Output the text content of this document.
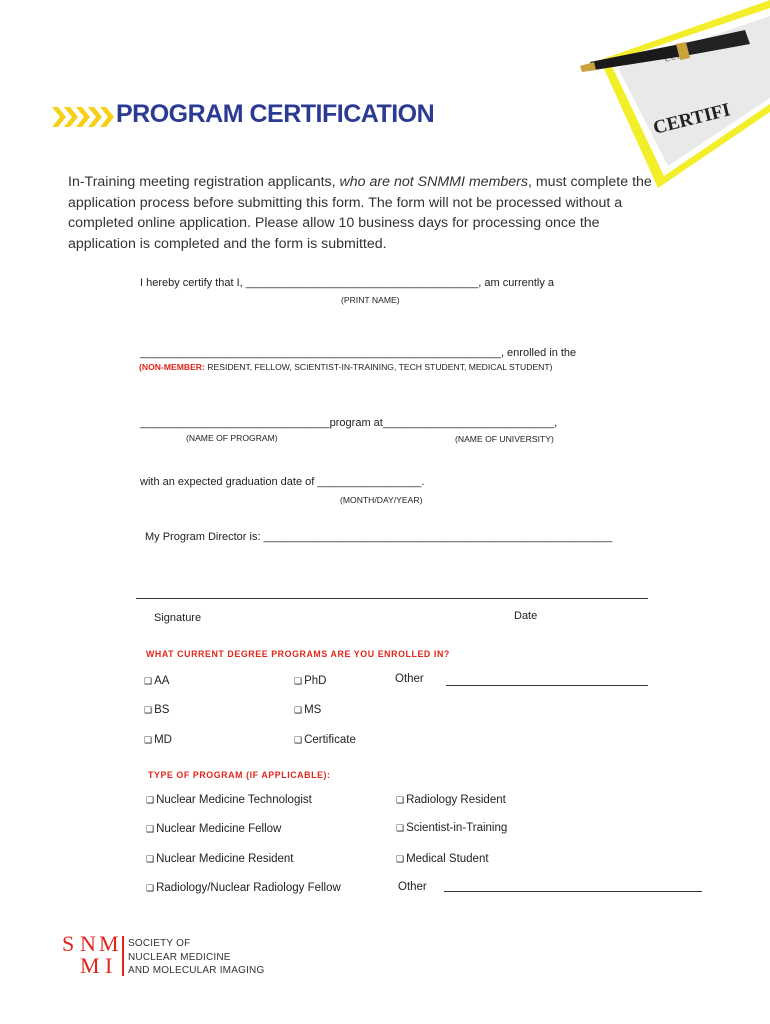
CERTIFI
PROGRAM CERTIFICATION
In-Training meeting registration applicants, who are not SNMMI members, must complete the application process before submitting this form. The form will not be processed without a completed online application. Please allow 10 business days for processing once the application is completed and the form is submitted.
I hereby certify that I, ______________________________________, am currently a
(PRINT NAME)
___________________________________________________________, enrolled in the
(NON-MEMBER: RESIDENT, FELLOW, SCIENTIST-IN-TRAINING, TECH STUDENT, MEDICAL STUDENT)
_______________________________program at____________________________,
(NAME OF PROGRAM)	(NAME OF UNIVERSITY)
with an expected graduation date of _________________.
(MONTH/DAY/YEAR)
My Program Director is: _________________________________________________________
Signature	Date
WHAT CURRENT DEGREE PROGRAMS ARE YOU ENROLLED IN?
❑ AA	❑ PhD	Other
❑ BS	❑ MS
❑ MD	❑ Certificate
TYPE OF PROGRAM (IF APPLICABLE):
❑ Nuclear Medicine Technologist	❑ Radiology Resident
❑ Nuclear Medicine Fellow	❑ Scientist-in-Training
❑ Nuclear Medicine Resident	❑ Medical Student
❑ Radiology/Nuclear Radiology Fellow	Other
S N M
M I
SOCIETY OF
NUCLEAR MEDICINE
AND MOLECULAR IMAGING
